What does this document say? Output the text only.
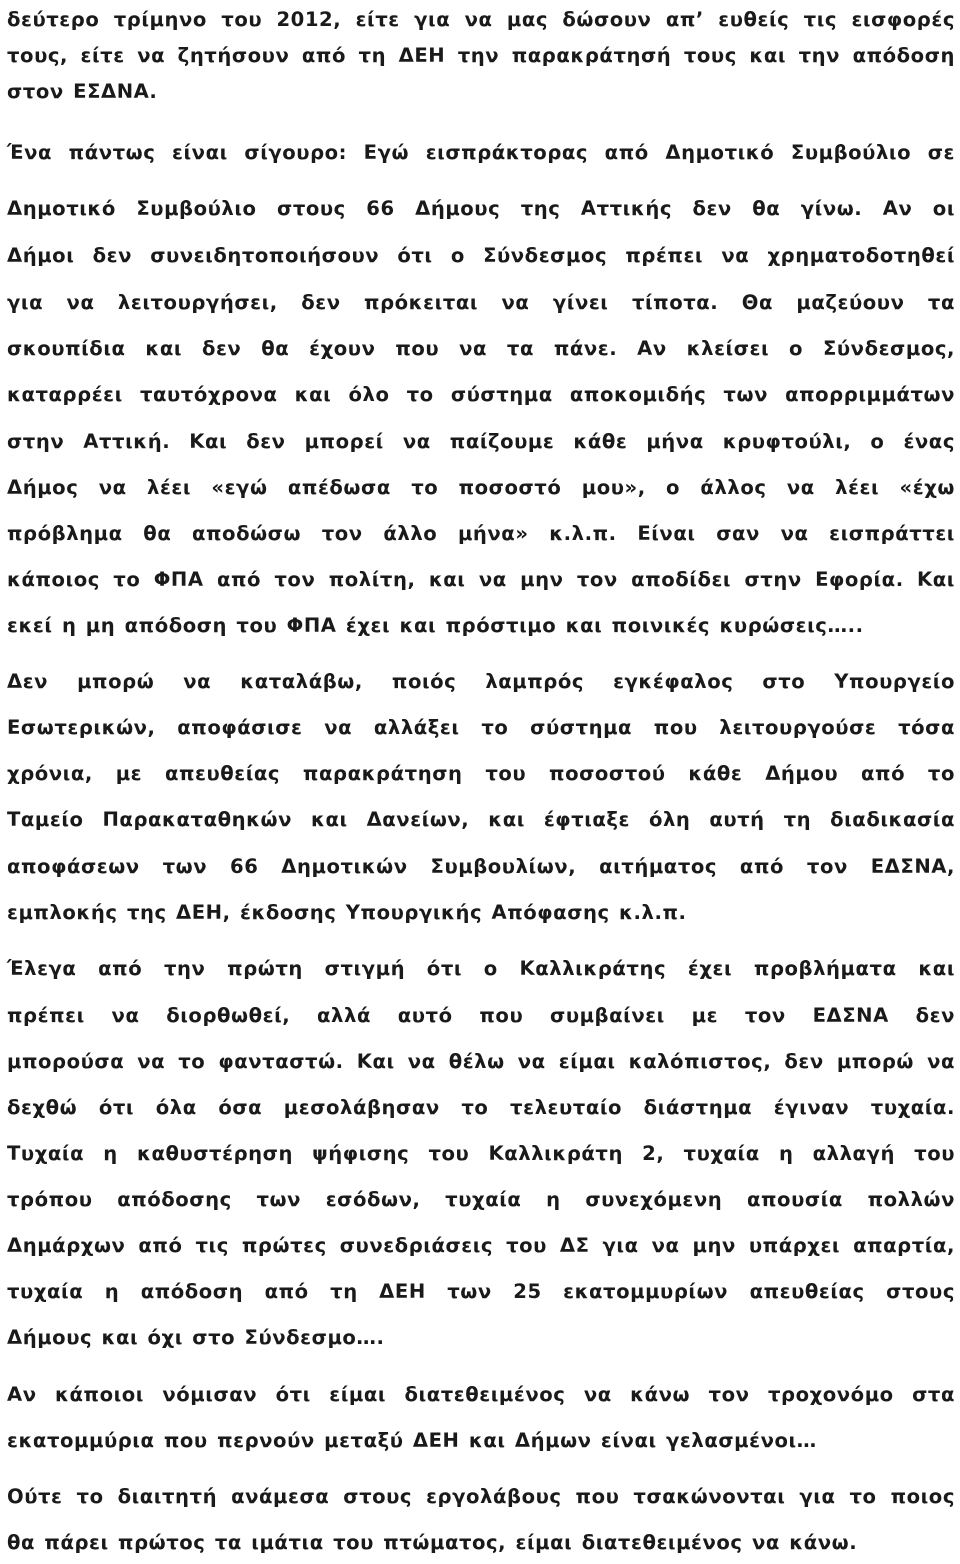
δεύτερο τρίμηνο του 2012, είτε για να μας δώσουν απ’ ευθείς τις εισφορές
τους, είτε να ζητήσουν από τη ΔΕΗ την παρακράτησή τους και την απόδοση
στον ΕΣΔΝΑ.
Ένα πάντως είναι σίγουρο: Εγώ εισπράκτορας από Δημοτικό Συμβούλιο σε
Δημοτικό Συμβούλιο στους 66 Δήμους της Αττικής δεν θα γίνω. Αν οι
Δήμοι δεν συνειδητοποιήσουν ότι ο Σύνδεσμος πρέπει να χρηματοδοτηθεί
για να λειτουργήσει, δεν πρόκειται να γίνει τίποτα. Θα μαζεύουν τα
σκουπίδια και δεν θα έχουν που να τα πάνε. Αν κλείσει ο Σύνδεσμος,
καταρρέει ταυτόχρονα και όλο το σύστημα αποκομιδής των απορριμμάτων
στην Αττική. Και δεν μπορεί να παίζουμε κάθε μήνα κρυφτούλι, ο ένας
Δήμος να λέει «εγώ απέδωσα το ποσοστό μου», ο άλλος να λέει «έχω
πρόβλημα θα αποδώσω τον άλλο μήνα» κ.λ.π. Είναι σαν να εισπράττει
κάποιος το ΦΠΑ από τον πολίτη, και να μην τον αποδίδει στην Εφορία. Και
εκεί η μη απόδοση του ΦΠΑ έχει και πρόστιμο και ποινικές κυρώσεις…..
Δεν μπορώ να καταλάβω, ποιός λαμπρός εγκέφαλος στο Υπουργείο
Εσωτερικών, αποφάσισε να αλλάξει το σύστημα που λειτουργούσε τόσα
χρόνια, με απευθείας παρακράτηση του ποσοστού κάθε Δήμου από το
Ταμείο Παρακαταθηκών και Δανείων, και έφτιαξε όλη αυτή τη διαδικασία
αποφάσεων των 66 Δημοτικών Συμβουλίων, αιτήματος από τον ΕΔΣΝΑ,
εμπλοκής της ΔΕΗ, έκδοσης Υπουργικής Απόφασης κ.λ.π.
Έλεγα από την πρώτη στιγμή ότι ο Καλλικράτης έχει προβλήματα και
πρέπει να διορθωθεί, αλλά αυτό που συμβαίνει με τον ΕΔΣΝΑ δεν
μπορούσα να το φανταστώ. Και να θέλω να είμαι καλόπιστος, δεν μπορώ να
δεχθώ ότι όλα όσα μεσολάβησαν το τελευταίο διάστημα έγιναν τυχαία.
Τυχαία η καθυστέρηση ψήφισης του Καλλικράτη 2, τυχαία η αλλαγή του
τρόπου απόδοσης των εσόδων, τυχαία η συνεχόμενη απουσία πολλών
Δημάρχων από τις πρώτες συνεδριάσεις του ΔΣ για να μην υπάρχει απαρτία,
τυχαία η απόδοση από τη ΔΕΗ των 25 εκατομμυρίων απευθείας στους
Δήμους και όχι στο Σύνδεσμο….
Αν κάποιοι νόμισαν ότι είμαι διατεθειμένος να κάνω τον τροχονόμο στα
εκατομμύρια που περνούν μεταξύ ΔΕΗ και Δήμων είναι γελασμένοι…
Ούτε το διαιτητή ανάμεσα στους εργολάβους που τσακώνονται για το ποιος
θα πάρει πρώτος τα ιμάτια του πτώματος, είμαι διατεθειμένος να κάνω.
